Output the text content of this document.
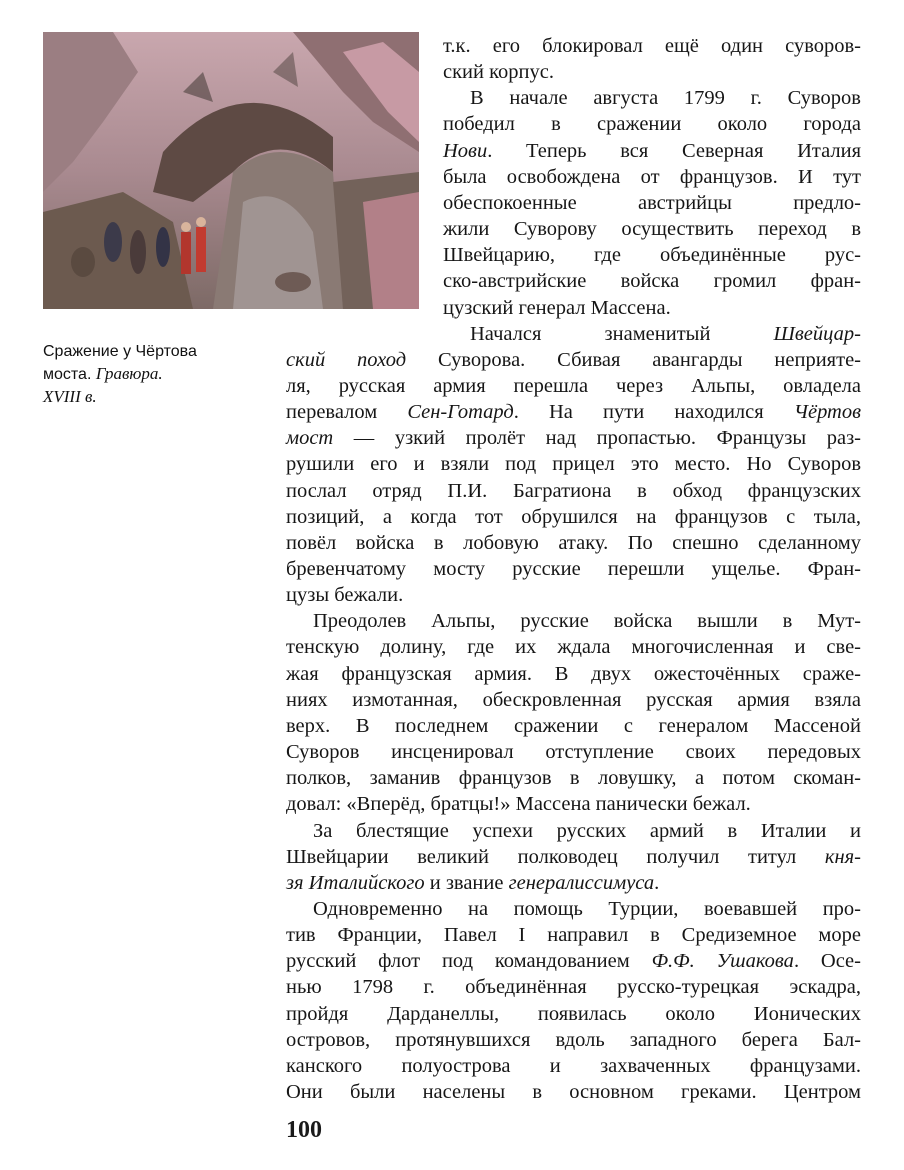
Сражение у Чёртова
моста. Гравюра.
XVIII в.

т.к. его блокировал ещё один суворов-

ский корпус.

В начале августа 1799 г. Суворов

победил в сражении около города

Нови. Теперь вся Северная Италия

была освобождена от французов. И тут

обеспокоенные австрийцы предло-

жили Суворову осуществить переход в

Швейцарию, где объединённые рус-

ско-австрийские войска громил фран-

цузский генерал Массена.

Начался знаменитый Швейцар-

ский поход Суворова. Сбивая авангарды неприяте-

ля, русская армия перешла через Альпы, овладела

перевалом Сен-Готард. На пути находился Чёртов

мост — узкий пролёт над пропастью. Французы раз-

рушили его и взяли под прицел это место. Но Суворов

послал отряд П.И. Багратиона в обход французских

позиций, а когда тот обрушился на французов с тыла,

повёл войска в лобовую атаку. По спешно сделанному

бревенчатому мосту русские перешли ущелье. Фран-

цузы бежали.

Преодолев Альпы, русские войска вышли в Мут-

тенскую долину, где их ждала многочисленная и све-

жая французская армия. В двух ожесточённых сраже-

ниях измотанная, обескровленная русская армия взяла

верх. В последнем сражении с генералом Массеной

Суворов инсценировал отступление своих передовых

полков, заманив французов в ловушку, а потом скоман-

довал: «Вперёд, братцы!» Массена панически бежал.

За блестящие успехи русских армий в Италии и

Швейцарии великий полководец получил титул кня-

зя Италийского и звание генералиссимуса.

Одновременно на помощь Турции, воевавшей про-

тив Франции, Павел I направил в Средиземное море

русский флот под командованием Ф.Ф. Ушакова. Осе-

нью 1798 г. объединённая русско-турецкая эскадра,

пройдя Дарданеллы, появилась около Ионических

островов, протянувшихся вдоль западного берега Бал-

канского полуострова и захваченных французами.

Они были населены в основном греками. Центром

100
